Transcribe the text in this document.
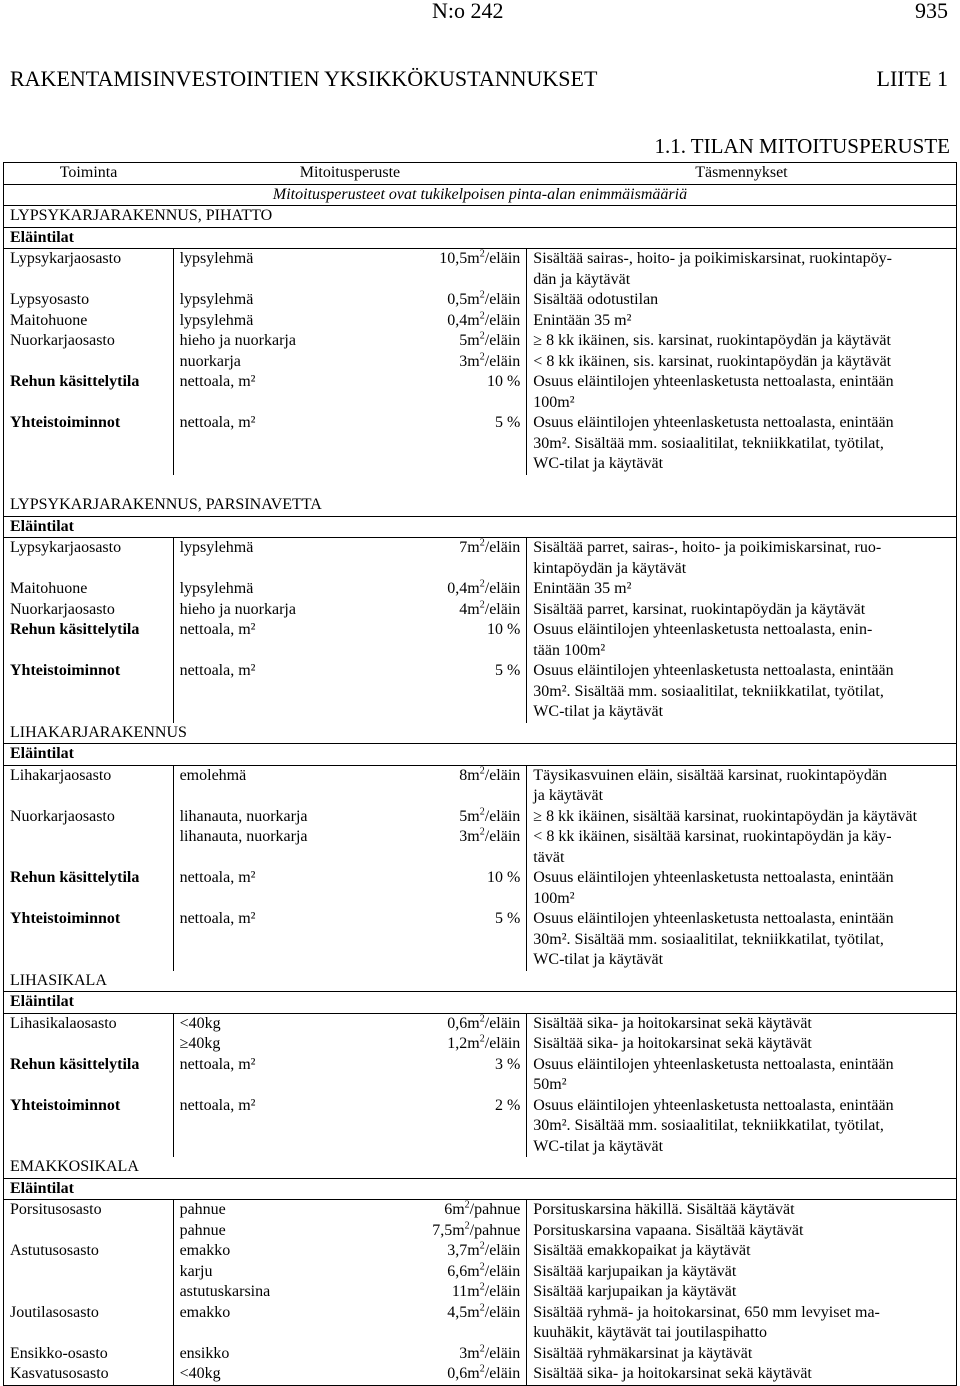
N:o 242	935
RAKENTAMISINVESTOINTIEN YKSIKKÖKUSTANNUKSET	LIITE 1
1.1. TILAN MITOITUSPERUSTE
Toiminta	Mitoitusperuste		Täsmennykset
Mitoitusperusteet ovat tukikelpoisen pinta-alan enimmäismääriä			
LYPSYKARJARAKENNUS, PIHATTO			
Eläintilat			
Lypsykarjaosasto	lypsylehmä	$10,5m^2$/eläin	Sisältää sairas-, hoito- ja poikimiskarsinat, ruokintapöy-
			dän ja käytävät
Lypsyosasto	lypsylehmä	$0,5m^2$/eläin	Sisältää odotustilan
Maitohuone	lypsylehmä	$0,4m^2$/eläin	Enintään 35 m²
Nuorkarjaosasto	hieho ja nuorkarja	$5m^2$/eläin	≥ 8 kk ikäinen, sis. karsinat, ruokintapöydän ja käytävät
	nuorkarja	$3m^2$/eläin	< 8 kk ikäinen, sis. karsinat, ruokintapöydän ja käytävät
Rehun käsittelytila	nettoala, m²	10 %	Osuus eläintilojen yhteenlasketusta nettoalasta, enintään
			100m²
Yhteistoiminnot	nettoala, m²	5 %	Osuus eläintilojen yhteenlasketusta nettoalasta, enintään
			30m². Sisältää mm. sosiaalitilat, tekniikkatilat, työtilat,
			WC-tilat ja käytävät

LYPSYKARJARAKENNUS, PARSINAVETTA			
Eläintilat			
Lypsykarjaosasto	lypsylehmä	$7m^2$/eläin	Sisältää parret, sairas-, hoito- ja poikimiskarsinat, ruo-
			kintapöydän ja käytävät
Maitohuone	lypsylehmä	$0,4m^2$/eläin	Enintään 35 m²
Nuorkarjaosasto	hieho ja nuorkarja	$4m^2$/eläin	Sisältää parret, karsinat, ruokintapöydän ja käytävät
Rehun käsittelytila	nettoala, m²	10 %	Osuus eläintilojen yhteenlasketusta nettoalasta, enin-
			tään 100m²
Yhteistoiminnot	nettoala, m²	5 %	Osuus eläintilojen yhteenlasketusta nettoalasta, enintään
			30m². Sisältää mm. sosiaalitilat, tekniikkatilat, työtilat,
			WC-tilat ja käytävät
LIHAKARJARAKENNUS			
Eläintilat			
Lihakarjaosasto	emolehmä	$8m^2$/eläin	Täysikasvuinen eläin, sisältää karsinat, ruokintapöydän
			ja käytävät
Nuorkarjaosasto	lihanauta, nuorkarja	$5m^2$/eläin	≥ 8 kk ikäinen, sisältää karsinat, ruokintapöydän ja käytävät
	lihanauta, nuorkarja	$3m^2$/eläin	< 8 kk ikäinen, sisältää karsinat, ruokintapöydän ja käy-
			tävät
Rehun käsittelytila	nettoala, m²	10 %	Osuus eläintilojen yhteenlasketusta nettoalasta, enintään
			100m²
Yhteistoiminnot	nettoala, m²	5 %	Osuus eläintilojen yhteenlasketusta nettoalasta, enintään
			30m². Sisältää mm. sosiaalitilat, tekniikkatilat, työtilat,
			WC-tilat ja käytävät
LIHASIKALA			
Eläintilat			
Lihasikalaosasto	<40kg	$0,6m^2$/eläin	Sisältää sika- ja hoitokarsinat sekä käytävät
	≥40kg	$1,2m^2$/eläin	Sisältää sika- ja hoitokarsinat sekä käytävät
Rehun käsittelytila	nettoala, m²	3 %	Osuus eläintilojen yhteenlasketusta nettoalasta, enintään
			50m²
Yhteistoiminnot	nettoala, m²	2 %	Osuus eläintilojen yhteenlasketusta nettoalasta, enintään
			30m². Sisältää mm. sosiaalitilat, tekniikkatilat, työtilat,
			WC-tilat ja käytävät
EMAKKOSIKALA			
Eläintilat			
Porsitusosasto	pahnue	$6m^2$/pahnue	Porsituskarsina häkillä. Sisältää käytävät
	pahnue	$7,5m^2$/pahnue	Porsituskarsina vapaana. Sisältää käytävät
Astutusosasto	emakko	$3,7m^2$/eläin	Sisältää emakkopaikat ja käytävät
	karju	$6,6m^2$/eläin	Sisältää karjupaikan ja käytävät
	astutuskarsina	$11m^2$/eläin	Sisältää karjupaikan ja käytävät
Joutilasosasto	emakko	$4,5m^2$/eläin	Sisältää ryhmä- ja hoitokarsinat, 650 mm levyiset ma-
			kuuhäkit, käytävät tai joutilaspihatto
Ensikko-osasto	ensikko	$3m^2$/eläin	Sisältää ryhmäkarsinat ja käytävät
Kasvatusosasto	<40kg	$0,6m^2$/eläin	Sisältää sika- ja hoitokarsinat sekä käytävät
